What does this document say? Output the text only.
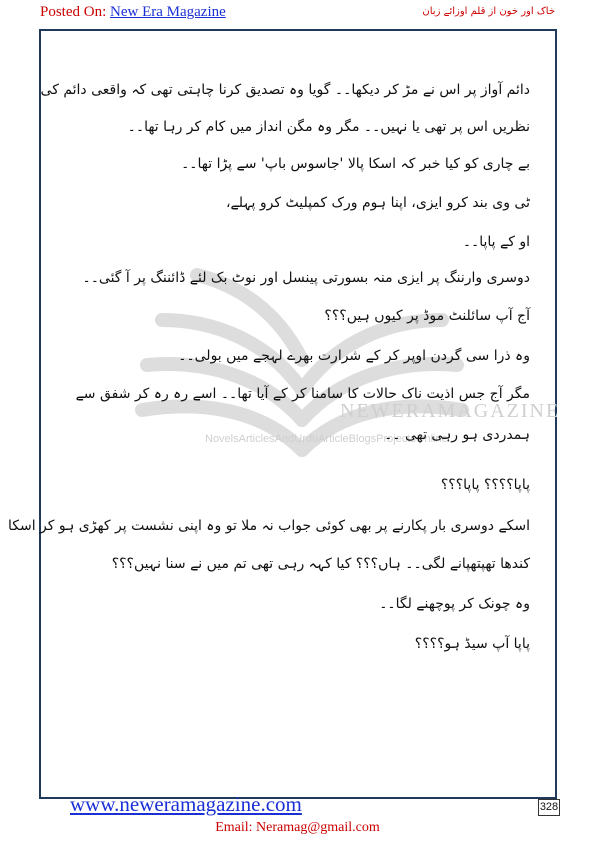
Posted On: New Era Magazine	خاک اور خون از قلم اوزائے زبان
NEWERAMAGAZINE
NovelsArticlesAndUrduArticleBlogsProjectsOnline
دائم آواز پر اس نے مڑ کر دیکھا۔۔ گویا وہ تصدیق کرنا چاہتی تھی کہ واقعی دائم کی
نظریں اس پر تھی یا نہیں۔۔ مگر وہ مگن انداز میں کام کر رہا تھا۔۔
بے چاری کو کیا خبر کہ اسکا پالا 'جاسوس باپ' سے پڑا تھا۔۔
ٹی وی بند کرو ایزی، اپنا ہوم ورک کمپلیٹ کرو پہلے،
او کے پاپا۔۔
دوسری وارننگ پر ایزی منہ بسورتی پینسل اور نوٹ بک لئے ڈائننگ پر آ گئی۔۔
آج آپ سائلنٹ موڈ پر کیوں ہیں؟؟؟
وہ ذرا سی گردن اوپر کر کے شرارت بھرے لہجے میں بولی۔۔
مگر آج جس اذیت ناک حالات کا سامنا کر کے آیا تھا۔۔ اسے رہ رہ کر شفق سے
ہمدردی ہو رہی تھی ۔۔
پاپا؟؟؟؟ پاپا؟؟؟
اسکے دوسری بار پکارنے پر بھی کوئی جواب نہ ملا تو وہ اپنی نشست پر کھڑی ہو کر اسکا
کندھا تھپتھپانے لگی۔۔ ہاں؟؟؟ کیا کہہ رہی تھی تم میں نے سنا نہیں؟؟؟
وہ چونک کر پوچھنے لگا۔۔
پاپا آپ سیڈ ہو؟؟؟؟
www.neweramagazine.com	328
Email: Neramag@gmail.com
